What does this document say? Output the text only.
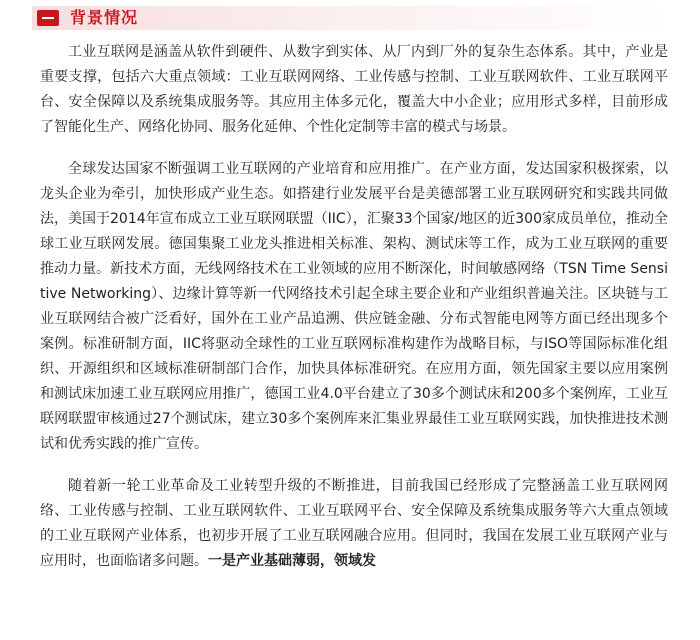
背景情况

工业互联网是涵盖从软件到硬件、从数字到实体、从厂内到厂外的复杂生态体系。其中，产业是重要支撑，包括六大重点领域：工业互联网网络、工业传感与控制、工业互联网软件、工业互联网平台、安全保障以及系统集成服务等。其应用主体多元化，覆盖大中小企业；应用形式多样，目前形成了智能化生产、网络化协同、服务化延伸、个性化定制等丰富的模式与场景。

全球发达国家不断强调工业互联网的产业培育和应用推广。在产业方面，发达国家积极探索，以龙头企业为牵引，加快形成产业生态。如搭建行业发展平台是美德部署工业互联网研究和实践共同做法，美国于2014年宣布成立工业互联网联盟（IIC），汇聚33个国家/地区的近300家成员单位，推动全球工业互联网发展。德国集聚工业龙头推进相关标准、架构、测试床等工作，成为工业互联网的重要推动力量。新技术方面，无线网络技术在工业领域的应用不断深化，时间敏感网络（TSN Time Sensitive Networking）、边缘计算等新一代网络技术引起全球主要企业和产业组织普遍关注。区块链与工业互联网结合被广泛看好，国外在工业产品追溯、供应链金融、分布式智能电网等方面已经出现多个案例。标准研制方面，IIC将驱动全球性的工业互联网标准构建作为战略目标，与ISO等国际标准化组织、开源组织和区域标准研制部门合作，加快具体标准研究。在应用方面，领先国家主要以应用案例和测试床加速工业互联网应用推广，德国工业4.0平台建立了30多个测试床和200多个案例库，工业互联网联盟审核通过27个测试床，建立30多个案例库来汇集业界最佳工业互联网实践，加快推进技术测试和优秀实践的推广宣传。

随着新一轮工业革命及工业转型升级的不断推进，目前我国已经形成了完整涵盖工业互联网网络、工业传感与控制、工业互联网软件、工业互联网平台、安全保障及系统集成服务等六大重点领域的工业互联网产业体系，也初步开展了工业互联网融合应用。但同时，我国在发展工业互联网产业与应用时，也面临诸多问题。一是产业基础薄弱，领域发
